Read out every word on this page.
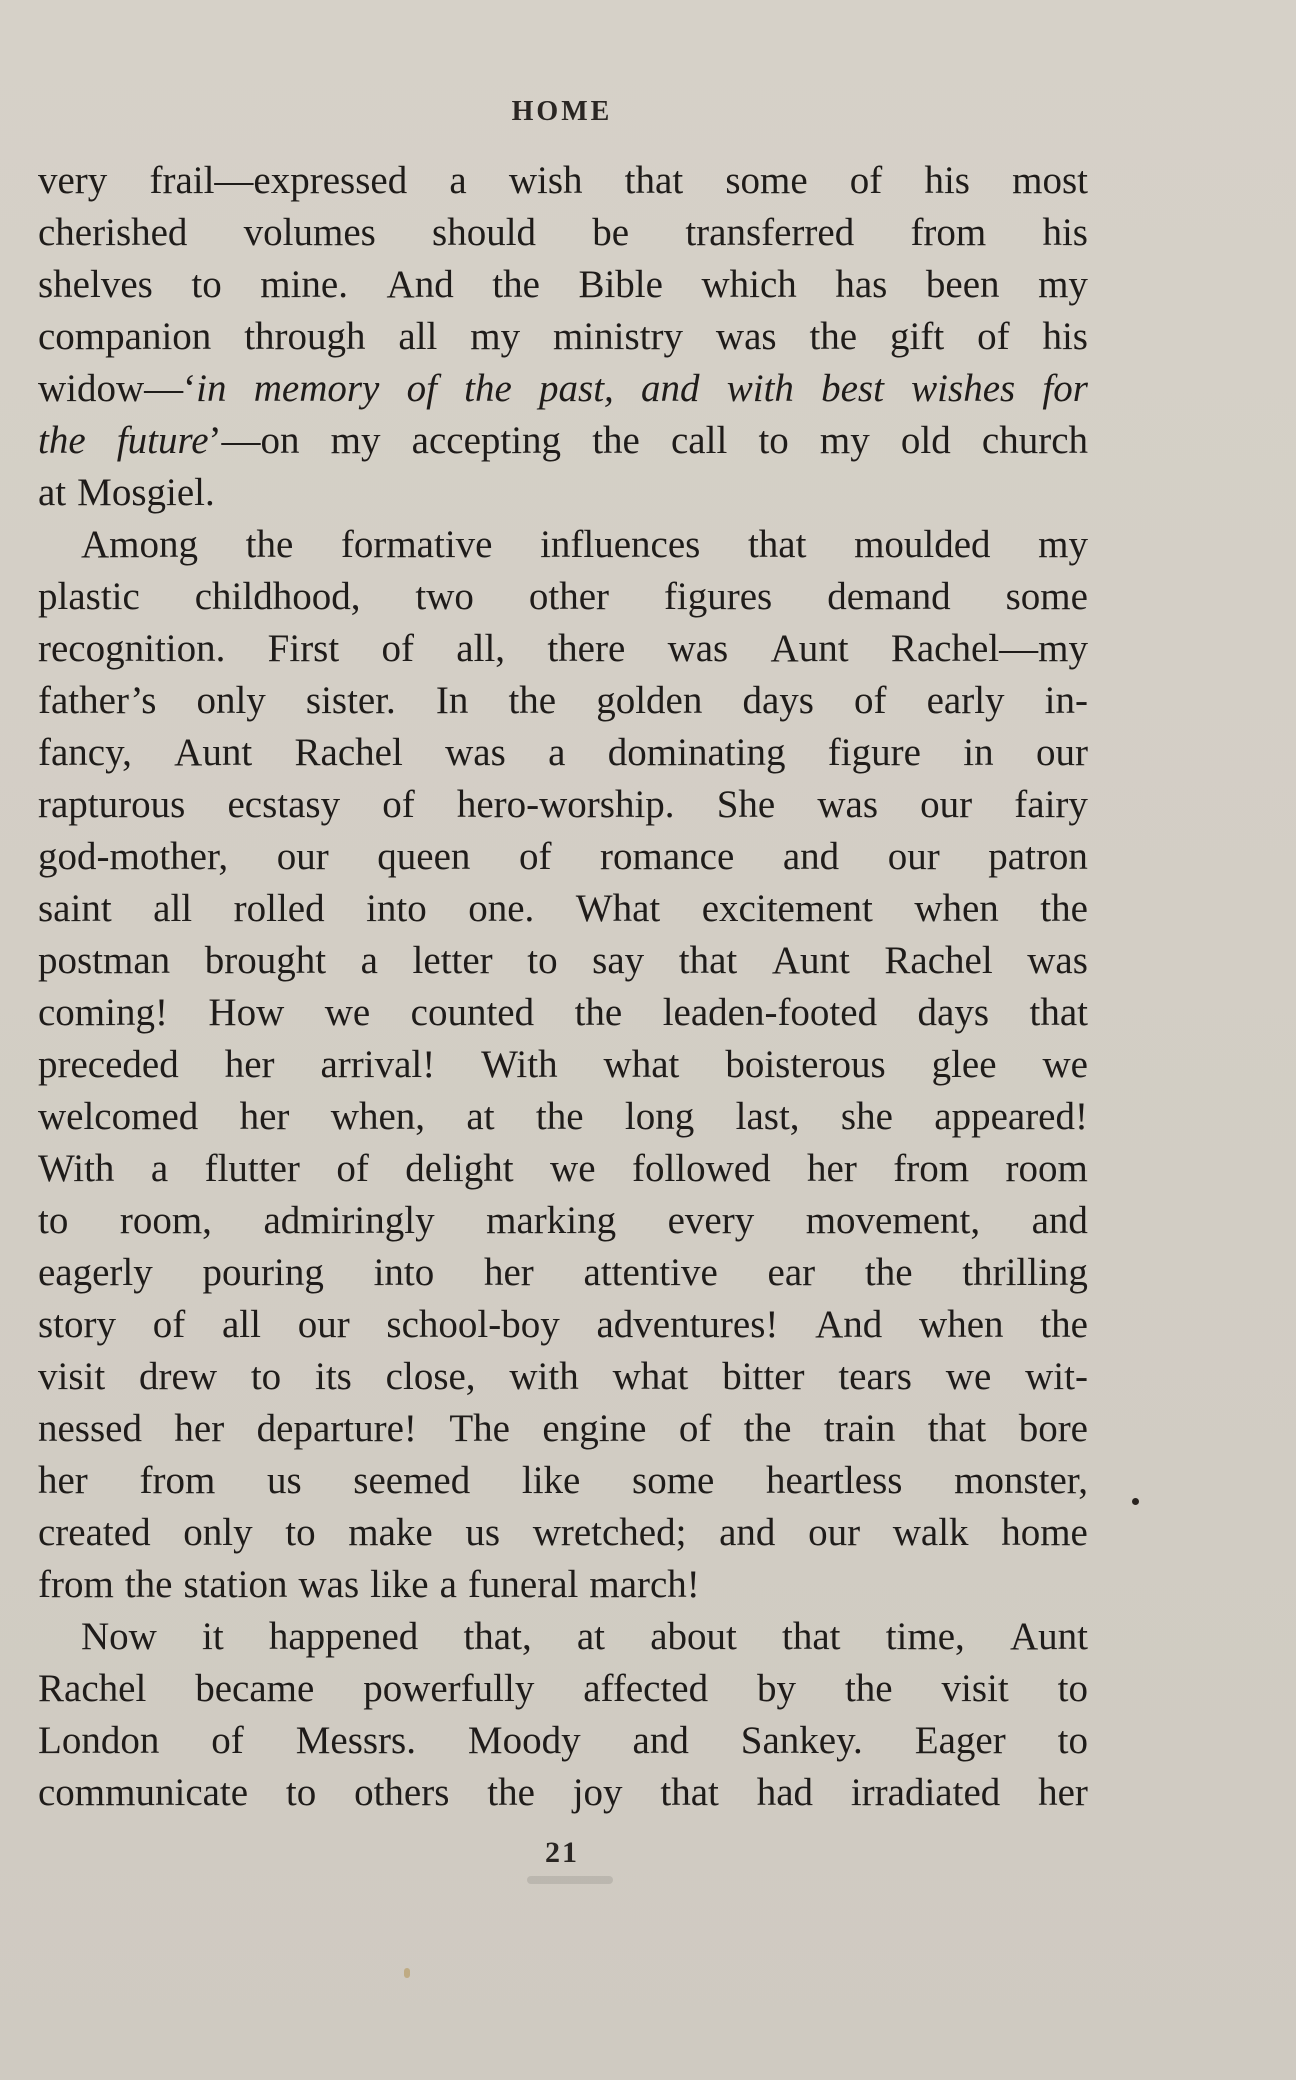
HOME
very frail—expressed a wish that some of his most
cherished volumes should be transferred from his
shelves to mine. And the Bible which has been my
companion through all my ministry was the gift of his
widow—‘in memory of the past, and with best wishes for
the future’—on my accepting the call to my old church
at Mosgiel.
Among the formative influences that moulded my
plastic childhood, two other figures demand some
recognition. First of all, there was Aunt Rachel—my
father’s only sister. In the golden days of early in-
fancy, Aunt Rachel was a dominating figure in our
rapturous ecstasy of hero-worship. She was our fairy
god-mother, our queen of romance and our patron
saint all rolled into one. What excitement when the
postman brought a letter to say that Aunt Rachel was
coming! How we counted the leaden-footed days that
preceded her arrival! With what boisterous glee we
welcomed her when, at the long last, she appeared!
With a flutter of delight we followed her from room
to room, admiringly marking every movement, and
eagerly pouring into her attentive ear the thrilling
story of all our school-boy adventures! And when the
visit drew to its close, with what bitter tears we wit-
nessed her departure! The engine of the train that bore
her from us seemed like some heartless monster,
created only to make us wretched; and our walk home
from the station was like a funeral march!
Now it happened that, at about that time, Aunt
Rachel became powerfully affected by the visit to
London of Messrs. Moody and Sankey. Eager to
communicate to others the joy that had irradiated her
21
